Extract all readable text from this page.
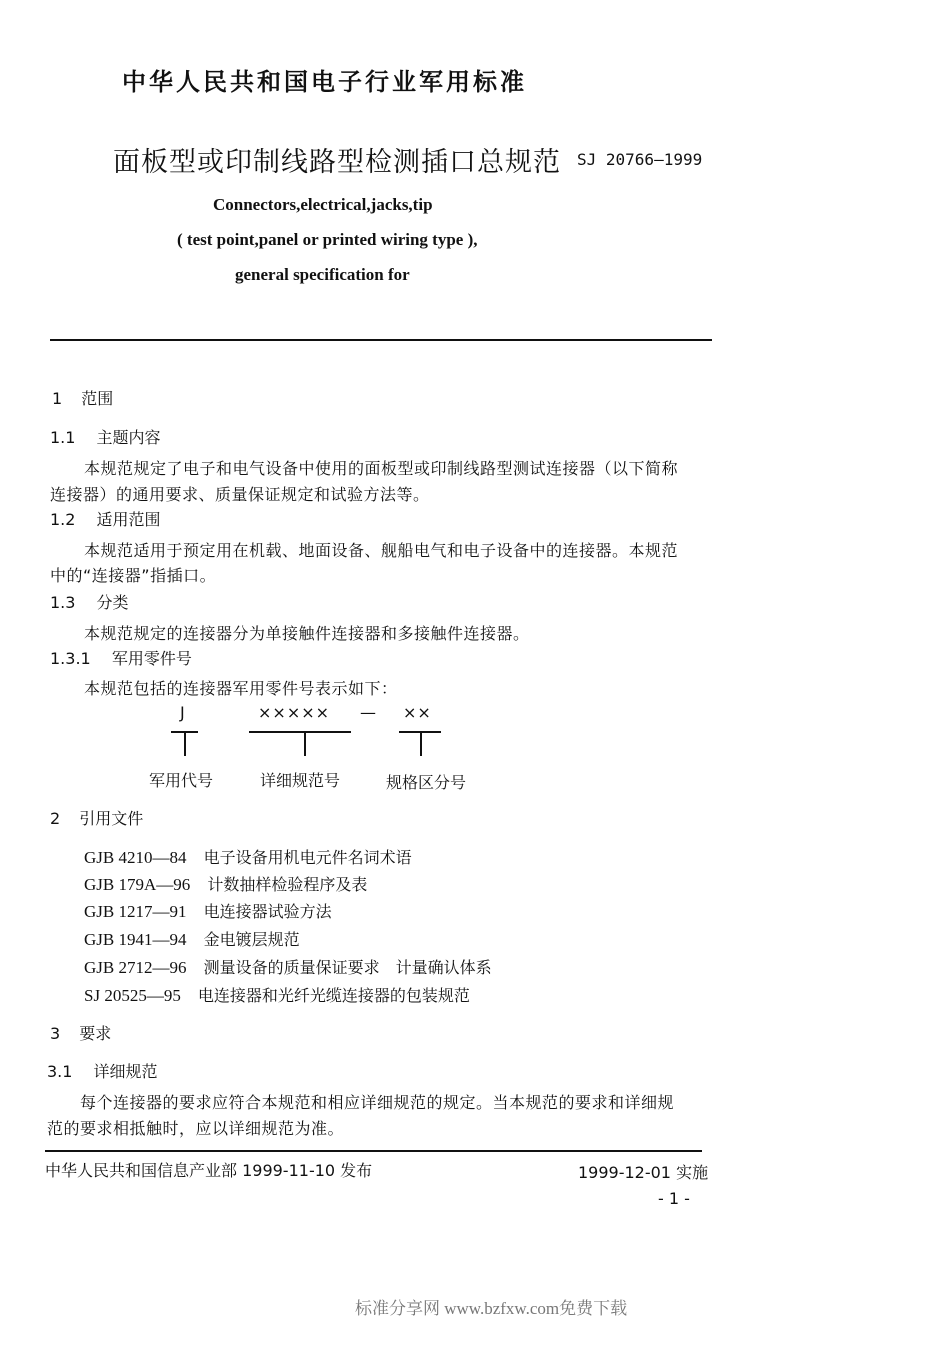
中华人民共和国电子行业军用标准
面板型或印制线路型检测插口总规范 SJ 20766—1999
Connectors,electrical,jacks,tip
( test point,panel or printed wiring type ),
general specification for
1 范围
1.1 主题内容
本规范规定了电子和电气设备中使用的面板型或印制线路型测试连接器（以下简称
连接器）的通用要求、质量保证规定和试验方法等。
1.2 适用范围
本规范适用于预定用在机载、地面设备、舰船电气和电子设备中的连接器。本规范
中的“连接器”指插口。
1.3 分类
本规范规定的连接器分为单接触件连接器和多接触件连接器。
1.3.1 军用零件号
本规范包括的连接器军用零件号表示如下：
J	××××× — ××
军用代号	详细规范号	规格区分号
2 引用文件
GJB 4210—84 电子设备用机电元件名词术语
GJB 179A—96 计数抽样检验程序及表
GJB 1217—91 电连接器试验方法
GJB 1941—94 金电镀层规范
GJB 2712—96 测量设备的质量保证要求　计量确认体系
SJ 20525—95 电连接器和光纤光缆连接器的包装规范
3 要求
3.1 详细规范
每个连接器的要求应符合本规范和相应详细规范的规定。当本规范的要求和详细规
范的要求相抵触时，应以详细规范为准。
中华人民共和国信息产业部 1999-11-10 发布	1999-12-01 实施
- 1 -
标准分享网 www.bzfxw.com免费下载
